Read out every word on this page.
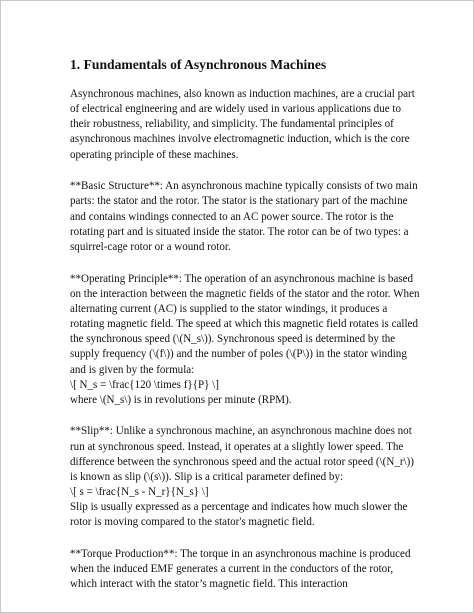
1. Fundamentals of Asynchronous Machines

Asynchronous machines, also known as induction machines, are a crucial part of electrical engineering and are widely used in various applications due to their robustness, reliability, and simplicity. The fundamental principles of asynchronous machines involve electromagnetic induction, which is the core operating principle of these machines.

**Basic Structure**: An asynchronous machine typically consists of two main parts: the stator and the rotor. The stator is the stationary part of the machine and contains windings connected to an AC power source. The rotor is the rotating part and is situated inside the stator. The rotor can be of two types: a squirrel-cage rotor or a wound rotor.

**Operating Principle**: The operation of an asynchronous machine is based on the interaction between the magnetic fields of the stator and the rotor. When alternating current (AC) is supplied to the stator windings, it produces a rotating magnetic field. The speed at which this magnetic field rotates is called the synchronous speed (\(N_s\)). Synchronous speed is determined by the supply frequency (\(f\)) and the number of poles (\(P\)) in the stator winding and is given by the formula:
\[ N_s = \frac{120 \times f}{P} \]
where \(N_s\) is in revolutions per minute (RPM).

**Slip**: Unlike a synchronous machine, an asynchronous machine does not run at synchronous speed. Instead, it operates at a slightly lower speed. The difference between the synchronous speed and the actual rotor speed (\(N_r\)) is known as slip (\(s\)). Slip is a critical parameter defined by:
\[ s = \frac{N_s - N_r}{N_s} \]
Slip is usually expressed as a percentage and indicates how much slower the rotor is moving compared to the stator's magnetic field.

**Torque Production**: The torque in an asynchronous machine is produced when the induced EMF generates a current in the conductors of the rotor, which interact with the stator’s magnetic field. This interaction
